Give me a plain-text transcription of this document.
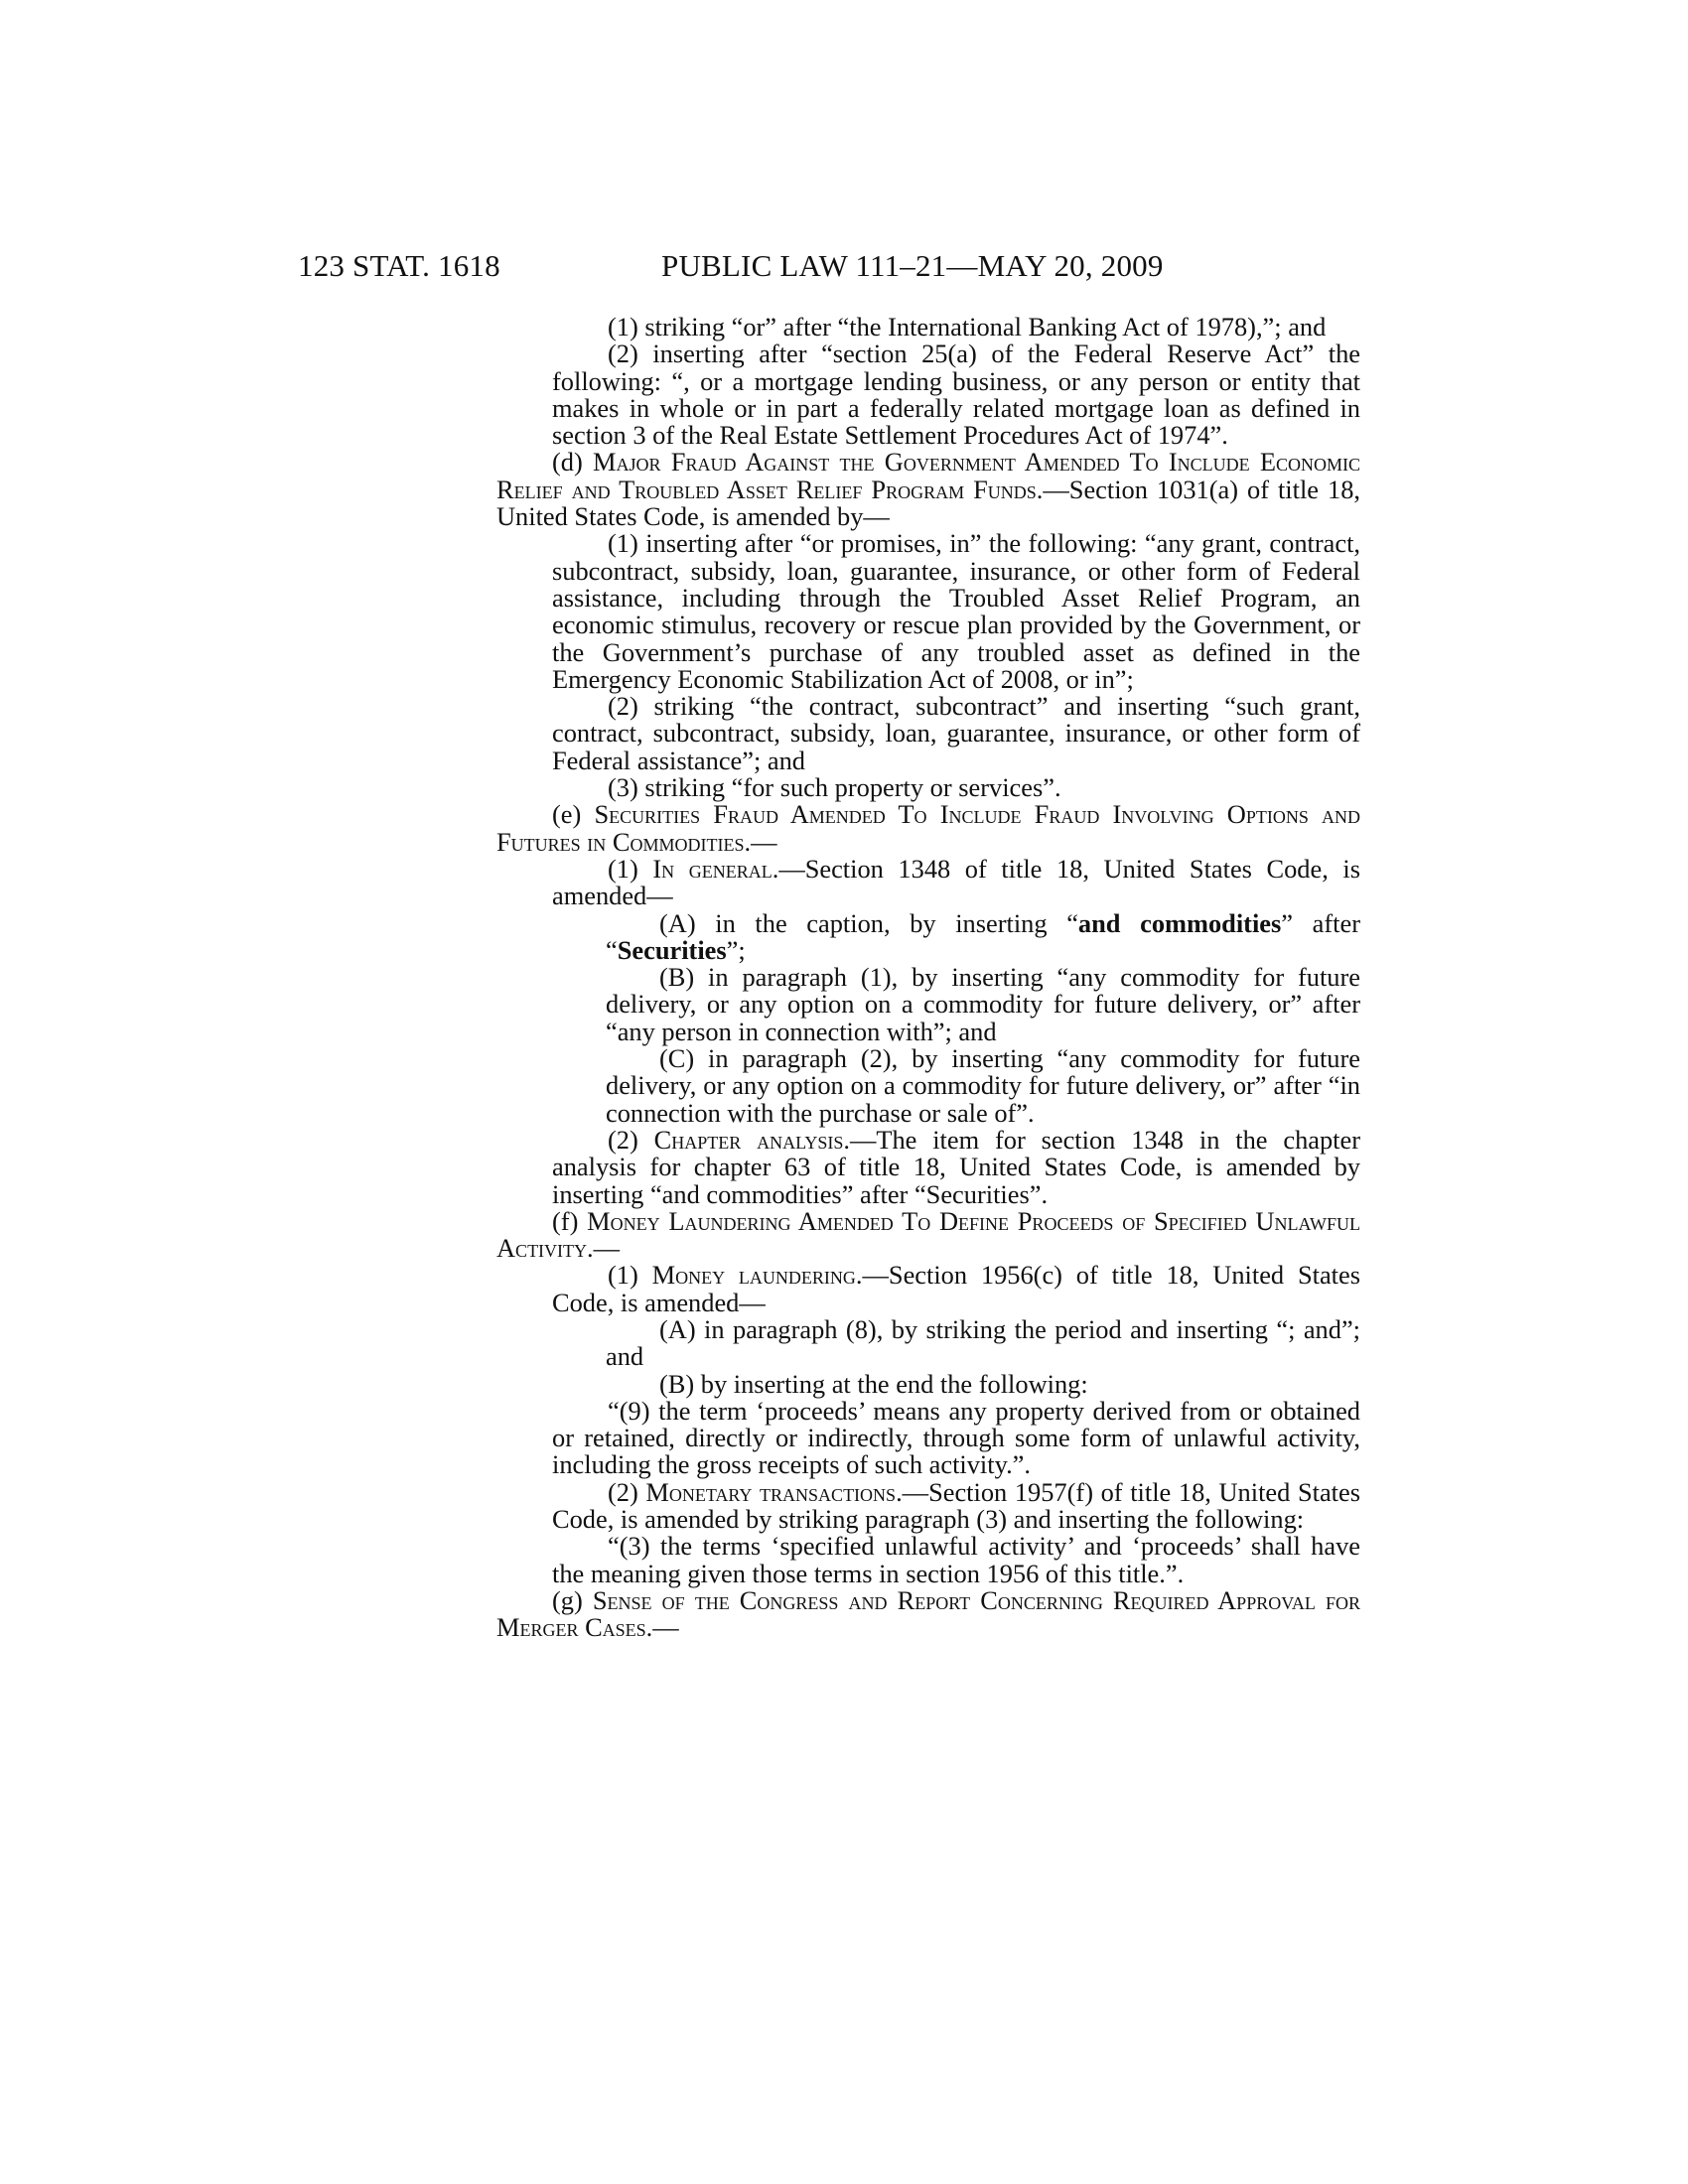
123 STAT. 1618	PUBLIC LAW 111–21—MAY 20, 2009

(1) striking “or” after “the International Banking Act of 1978),”; and

(2) inserting after “section 25(a) of the Federal Reserve Act” the following: “, or a mortgage lending business, or any person or entity that makes in whole or in part a federally related mortgage loan as defined in section 3 of the Real Estate Settlement Procedures Act of 1974”.

(d) Major Fraud Against the Government Amended To Include Economic Relief and Troubled Asset Relief Program Funds.—Section 1031(a) of title 18, United States Code, is amended by—

(1) inserting after “or promises, in” the following: “any grant, contract, subcontract, subsidy, loan, guarantee, insurance, or other form of Federal assistance, including through the Troubled Asset Relief Program, an economic stimulus, recovery or rescue plan provided by the Government, or the Government’s purchase of any troubled asset as defined in the Emergency Economic Stabilization Act of 2008, or in”;

(2) striking “the contract, subcontract” and inserting “such grant, contract, subcontract, subsidy, loan, guarantee, insurance, or other form of Federal assistance”; and

(3) striking “for such property or services”.

(e) Securities Fraud Amended To Include Fraud Involving Options and Futures in Commodities.—

(1) In general.—Section 1348 of title 18, United States Code, is amended—

(A) in the caption, by inserting “and commodities” after “Securities”;

(B) in paragraph (1), by inserting “any commodity for future delivery, or any option on a commodity for future delivery, or” after “any person in connection with”; and

(C) in paragraph (2), by inserting “any commodity for future delivery, or any option on a commodity for future delivery, or” after “in connection with the purchase or sale of”.

(2) Chapter analysis.—The item for section 1348 in the chapter analysis for chapter 63 of title 18, United States Code, is amended by inserting “and commodities” after “Securities”.

(f) Money Laundering Amended To Define Proceeds of Specified Unlawful Activity.—

(1) Money laundering.—Section 1956(c) of title 18, United States Code, is amended—

(A) in paragraph (8), by striking the period and inserting “; and”; and

(B) by inserting at the end the following:

“(9) the term ‘proceeds’ means any property derived from or obtained or retained, directly or indirectly, through some form of unlawful activity, including the gross receipts of such activity.”.

(2) Monetary transactions.—Section 1957(f) of title 18, United States Code, is amended by striking paragraph (3) and inserting the following:

“(3) the terms ‘specified unlawful activity’ and ‘proceeds’ shall have the meaning given those terms in section 1956 of this title.”.

(g) Sense of the Congress and Report Concerning Required Approval for Merger Cases.—
